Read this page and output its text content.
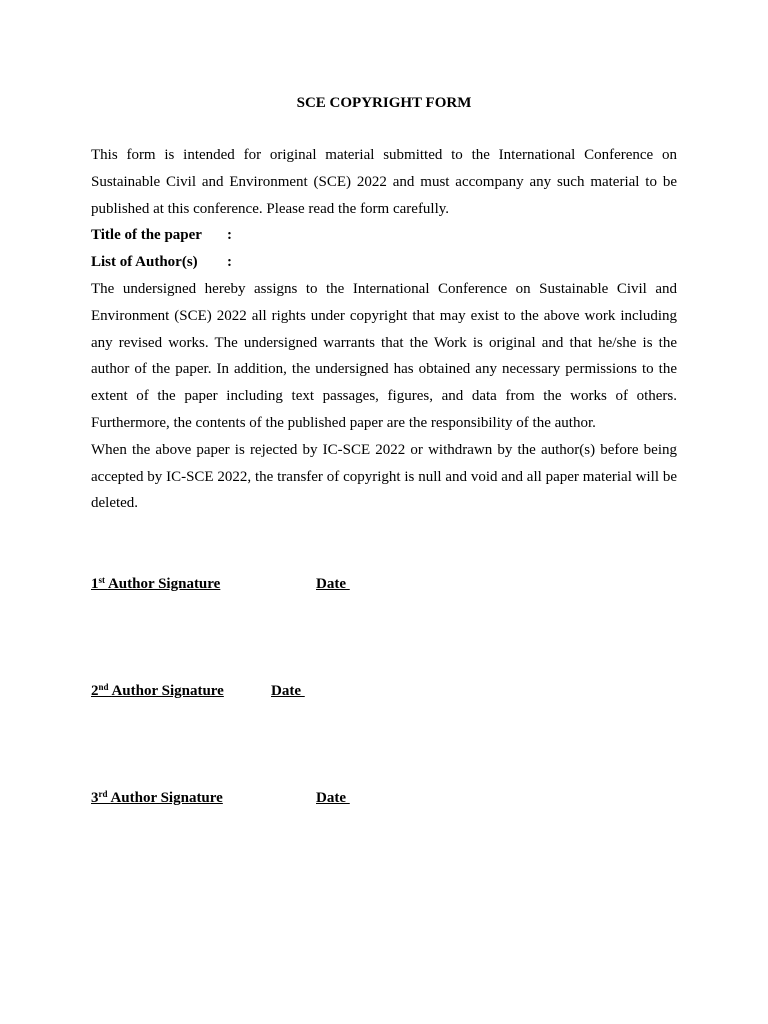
SCE COPYRIGHT FORM

This form is intended for original material submitted to the International Conference on Sustainable Civil and Environment (SCE) 2022 and must accompany any such material to be published at this conference. Please read the form carefully.

Title of the paper :

List of Author(s) :

The undersigned hereby assigns to the International Conference on Sustainable Civil and Environment (SCE) 2022 all rights under copyright that may exist to the above work including any revised works. The undersigned warrants that the Work is original and that he/she is the author of the paper. In addition, the undersigned has obtained any necessary permissions to the extent of the paper including text passages, figures, and data from the works of others. Furthermore, the contents of the published paper are the responsibility of the author.

When the above paper is rejected by IC-SCE 2022 or withdrawn by the author(s) before being accepted by IC-SCE 2022, the transfer of copyright is null and void and all paper material will be deleted.

1st Author Signature	Date
2nd Author Signature	Date
3rd Author Signature	Date
